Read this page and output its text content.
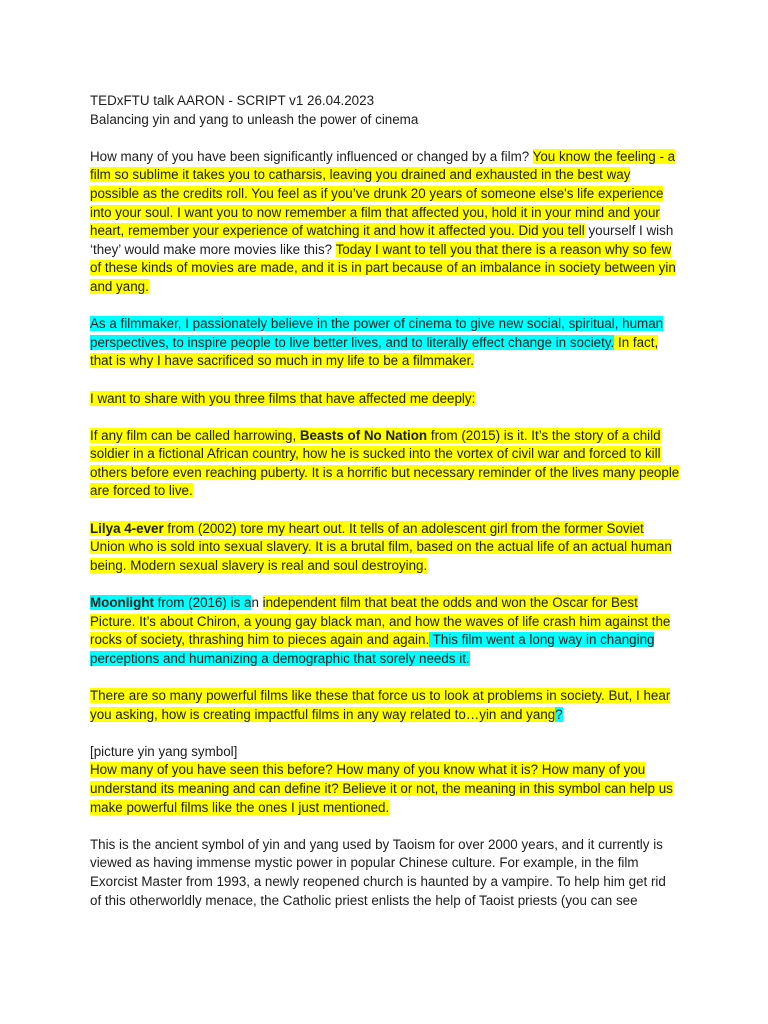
TEDxFTU talk AARON - SCRIPT v1 26.04.2023

Balancing yin and yang to unleash the power of cinema

How many of you have been significantly influenced or changed by a film? You know the feeling - a film so sublime it takes you to catharsis, leaving you drained and exhausted in the best way possible as the credits roll. You feel as if you’ve drunk 20 years of someone else's life experience into your soul. I want you to now remember a film that affected you, hold it in your mind and your heart, remember your experience of watching it and how it affected you. Did you tell yourself I wish ‘they’ would make more movies like this? Today I want to tell you that there is a reason why so few of these kinds of movies are made, and it is in part because of an imbalance in society between yin and yang.

As a filmmaker, I passionately believe in the power of cinema to give new social, spiritual, human perspectives, to inspire people to live better lives, and to literally effect change in society. In fact, that is why I have sacrificed so much in my life to be a filmmaker.

I want to share with you three films that have affected me deeply:

If any film can be called harrowing, Beasts of No Nation from (2015) is it. It’s the story of a child soldier in a fictional African country, how he is sucked into the vortex of civil war and forced to kill others before even reaching puberty. It is a horrific but necessary reminder of the lives many people are forced to live.

Lilya 4-ever from (2002) tore my heart out. It tells of an adolescent girl from the former Soviet Union who is sold into sexual slavery. It is a brutal film, based on the actual life of an actual human being. Modern sexual slavery is real and soul destroying.

Moonlight from (2016) is an independent film that beat the odds and won the Oscar for Best Picture. It’s about Chiron, a young gay black man, and how the waves of life crash him against the rocks of society, thrashing him to pieces again and again. This film went a long way in changing perceptions and humanizing a demographic that sorely needs it.

There are so many powerful films like these that force us to look at problems in society. But, I hear you asking, how is creating impactful films in any way related to…yin and yang?

[picture yin yang symbol]

How many of you have seen this before? How many of you know what it is? How many of you understand its meaning and can define it? Believe it or not, the meaning in this symbol can help us make powerful films like the ones I just mentioned.

This is the ancient symbol of yin and yang used by Taoism for over 2000 years, and it currently is viewed as having immense mystic power in popular Chinese culture. For example, in the film Exorcist Master from 1993, a newly reopened church is haunted by a vampire. To help him get rid of this otherworldly menace, the Catholic priest enlists the help of Taoist priests (you can see
